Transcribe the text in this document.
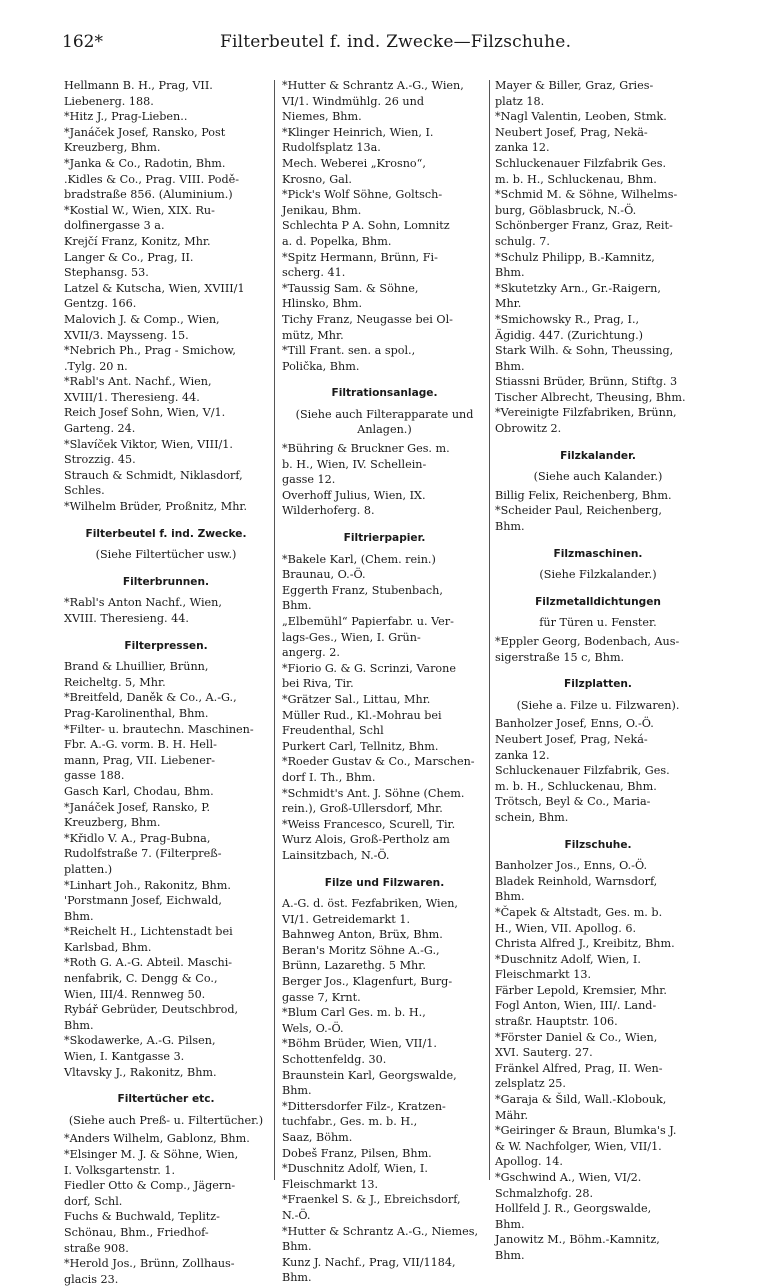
162*	Filterbeutel f. ind. Zwecke—Filzschuhe.
Hellmann B. H., Prag, VII.
Liebenerg. 188.
*Hitz J., Prag-Lieben..
*Janáček Josef, Ransko, Post
Kreuzberg, Bhm.
*Janka & Co., Radotin, Bhm.
.Kidles & Co., Prag. VIII. Podě-
bradstraße 856. (Aluminium.)
*Kostial W., Wien, XIX. Ru-
dolfinergasse 3 a.
Krejčí Franz, Konitz, Mhr.
Langer & Co., Prag, II.
Stephansg. 53.
Latzel & Kutscha, Wien, XVIII/1
Gentzg. 166.
Malovich J. & Comp., Wien,
XVII/3. Maysseng. 15.
*Nebrich Ph., Prag - Smichow,
.Tylg. 20 n.
*Rabl's Ant. Nachf., Wien,
XVIII/1. Theresieng. 44.
Reich Josef Sohn, Wien, V/1.
Garteng. 24.
*Slavíček Viktor, Wien, VIII/1.
Strozzig. 45.
Strauch & Schmidt, Niklasdorf,
Schles.
*Wilhelm Brüder, Proßnitz, Mhr.
Filterbeutel f. ind. Zwecke.
(Siehe Filtertücher usw.)
Filterbrunnen.
*Rabl's Anton Nachf., Wien,
XVIII. Theresieng. 44.
Filterpressen.
Brand & Lhuillier, Brünn,
Reicheltg. 5, Mhr.
*Breitfeld, Daněk & Co., A.-G.,
Prag-Karolinenthal, Bhm.
*Filter- u. brautechn. Maschinen-
Fbr. A.-G. vorm. B. H. Hell-
mann, Prag, VII. Liebener-
gasse 188.
Gasch Karl, Chodau, Bhm.
*Janáček Josef, Ransko, P.
Kreuzberg, Bhm.
*Křidlo V. A., Prag-Bubna,
Rudolfstraße 7. (Filterpreß-
platten.)
*Linhart Joh., Rakonitz, Bhm.
'Porstmann Josef, Eichwald,
Bhm.
*Reichelt H., Lichtenstadt bei
Karlsbad, Bhm.
*Roth G. A.-G. Abteil. Maschi-
nenfabrik, C. Dengg & Co.,
Wien, III/4. Rennweg 50.
Rybář Gebrüder, Deutschbrod,
Bhm.
*Skodawerke, A.-G. Pilsen,
Wien, I. Kantgasse 3.
Vltavsky J., Rakonitz, Bhm.
Filtertücher etc.
(Siehe auch Preß- u. Filtertücher.)
*Anders Wilhelm, Gablonz, Bhm.
*Elsinger M. J. & Söhne, Wien,
I. Volksgartenstr. 1.
Fiedler Otto & Comp., Jägern-
dorf, Schl.
Fuchs & Buchwald, Teplitz-
Schönau, Bhm., Friedhof-
straße 908.
*Herold Jos., Brünn, Zollhaus-
glacis 23.
*Hutter & Schrantz A.-G., Wien,
VI/1. Windmühlg. 26 und
Niemes, Bhm.
*Klinger Heinrich, Wien, I.
Rudolfsplatz 13a.
Mech. Weberei „Krosno“,
Krosno, Gal.
*Pick's Wolf Söhne, Goltsch-
Jenikau, Bhm.
Schlechta P A. Sohn, Lomnitz
a. d. Popelka, Bhm.
*Spitz Hermann, Brünn, Fi-
scherg. 41.
*Taussig Sam. & Söhne,
Hlinsko, Bhm.
Tichy Franz, Neugasse bei Ol-
mütz, Mhr.
*Till Frant. sen. a spol.,
Polička, Bhm.
Filtrationsanlage.
(Siehe auch Filterapparate und Anlagen.)
*Bühring & Bruckner Ges. m.
b. H., Wien, IV. Schellein-
gasse 12.
Overhoff Julius, Wien, IX.
Wilderhoferg. 8.
Filtrierpapier.
*Bakele Karl, (Chem. rein.)
Braunau, O.-Ö.
Eggerth Franz, Stubenbach,
Bhm.
„Elbemühl“ Papierfabr. u. Ver-
lags-Ges., Wien, I. Grün-
angerg. 2.
*Fiorio G. & G. Scrinzi, Varone
bei Riva, Tir.
*Grätzer Sal., Littau, Mhr.
Müller Rud., Kl.-Mohrau bei
Freudenthal, Schl
Purkert Carl, Tellnitz, Bhm.
*Roeder Gustav & Co., Marschen-
dorf I. Th., Bhm.
*Schmidt's Ant. J. Söhne (Chem.
rein.), Groß-Ullersdorf, Mhr.
*Weiss Francesco, Scurell, Tir.
Wurz Alois, Groß-Pertholz am
Lainsitzbach, N.-Ö.
Filze und Filzwaren.
A.-G. d. öst. Fezfabriken, Wien,
VI/1. Getreidemarkt 1.
Bahnweg Anton, Brüx, Bhm.
Beran's Moritz Söhne A.-G.,
Brünn, Lazarethg. 5 Mhr.
Berger Jos., Klagenfurt, Burg-
gasse 7, Krnt.
*Blum Carl Ges. m. b. H.,
Wels, O.-Ö.
*Böhm Brüder, Wien, VII/1.
Schottenfeldg. 30.
Braunstein Karl, Georgswalde,
Bhm.
*Dittersdorfer Filz-, Kratzen-
tuchfabr., Ges. m. b. H.,
Saaz, Böhm.
Dobeš Franz, Pilsen, Bhm.
*Duschnitz Adolf, Wien, I.
Fleischmarkt 13.
*Fraenkel S. & J., Ebreichsdorf,
N.-Ö.
*Hutter & Schrantz A.-G., Niemes,
Bhm.
Kunz J. Nachf., Prag, VII/1184,
Bhm.
Mayer & Biller, Graz, Gries-
platz 18.
*Nagl Valentin, Leoben, Stmk.
Neubert Josef, Prag, Nekä-
zanka 12.
Schluckenauer Filzfabrik Ges.
m. b. H., Schluckenau, Bhm.
*Schmid M. & Söhne, Wilhelms-
burg, Göblasbruck, N.-Ö.
Schönberger Franz, Graz, Reit-
schulg. 7.
*Schulz Philipp, B.-Kamnitz,
Bhm.
*Skutetzky Arn., Gr.-Raigern,
Mhr.
*Smichowsky R., Prag, I.,
Ägidig. 447. (Zurichtung.)
Stark Wilh. & Sohn, Theussing,
Bhm.
Stiassni Brüder, Brünn, Stiftg. 3
Tischer Albrecht, Theusing, Bhm.
*Vereinigte Filzfabriken, Brünn,
Obrowitz 2.
Filzkalander.
(Siehe auch Kalander.)
Billig Felix, Reichenberg, Bhm.
*Scheider Paul, Reichenberg,
Bhm.
Filzmaschinen.
(Siehe Filzkalander.)
Filzmetalldichtungen
für Türen u. Fenster.
*Eppler Georg, Bodenbach, Aus-
sigerstraße 15 c, Bhm.
Filzplatten.
(Siehe a. Filze u. Filzwaren).
Banholzer Josef, Enns, O.-Ö.
Neubert Josef, Prag, Neká-
zanka 12.
Schluckenauer Filzfabrik, Ges.
m. b. H., Schluckenau, Bhm.
Trötsch, Beyl & Co., Maria-
schein, Bhm.
Filzschuhe.
Banholzer Jos., Enns, O.-Ö.
Bladek Reinhold, Warnsdorf,
Bhm.
*Čapek & Altstadt, Ges. m. b.
H., Wien, VII. Apollog. 6.
Christa Alfred J., Kreibitz, Bhm.
*Duschnitz Adolf, Wien, I.
Fleischmarkt 13.
Färber Lepold, Kremsier, Mhr.
Fogl Anton, Wien, III/. Land-
straßr. Hauptstr. 106.
*Förster Daniel & Co., Wien,
XVI. Sauterg. 27.
Fränkel Alfred, Prag, II. Wen-
zelsplatz 25.
*Garaja & Šild, Wall.-Klobouk,
Mähr.
*Geiringer & Braun, Blumka's J.
& W. Nachfolger, Wien, VII/1.
Apollog. 14.
*Gschwind A., Wien, VI/2.
Schmalzhofg. 28.
Hollfeld J. R., Georgswalde,
Bhm.
Janowitz M., Böhm.-Kamnitz,
Bhm.
